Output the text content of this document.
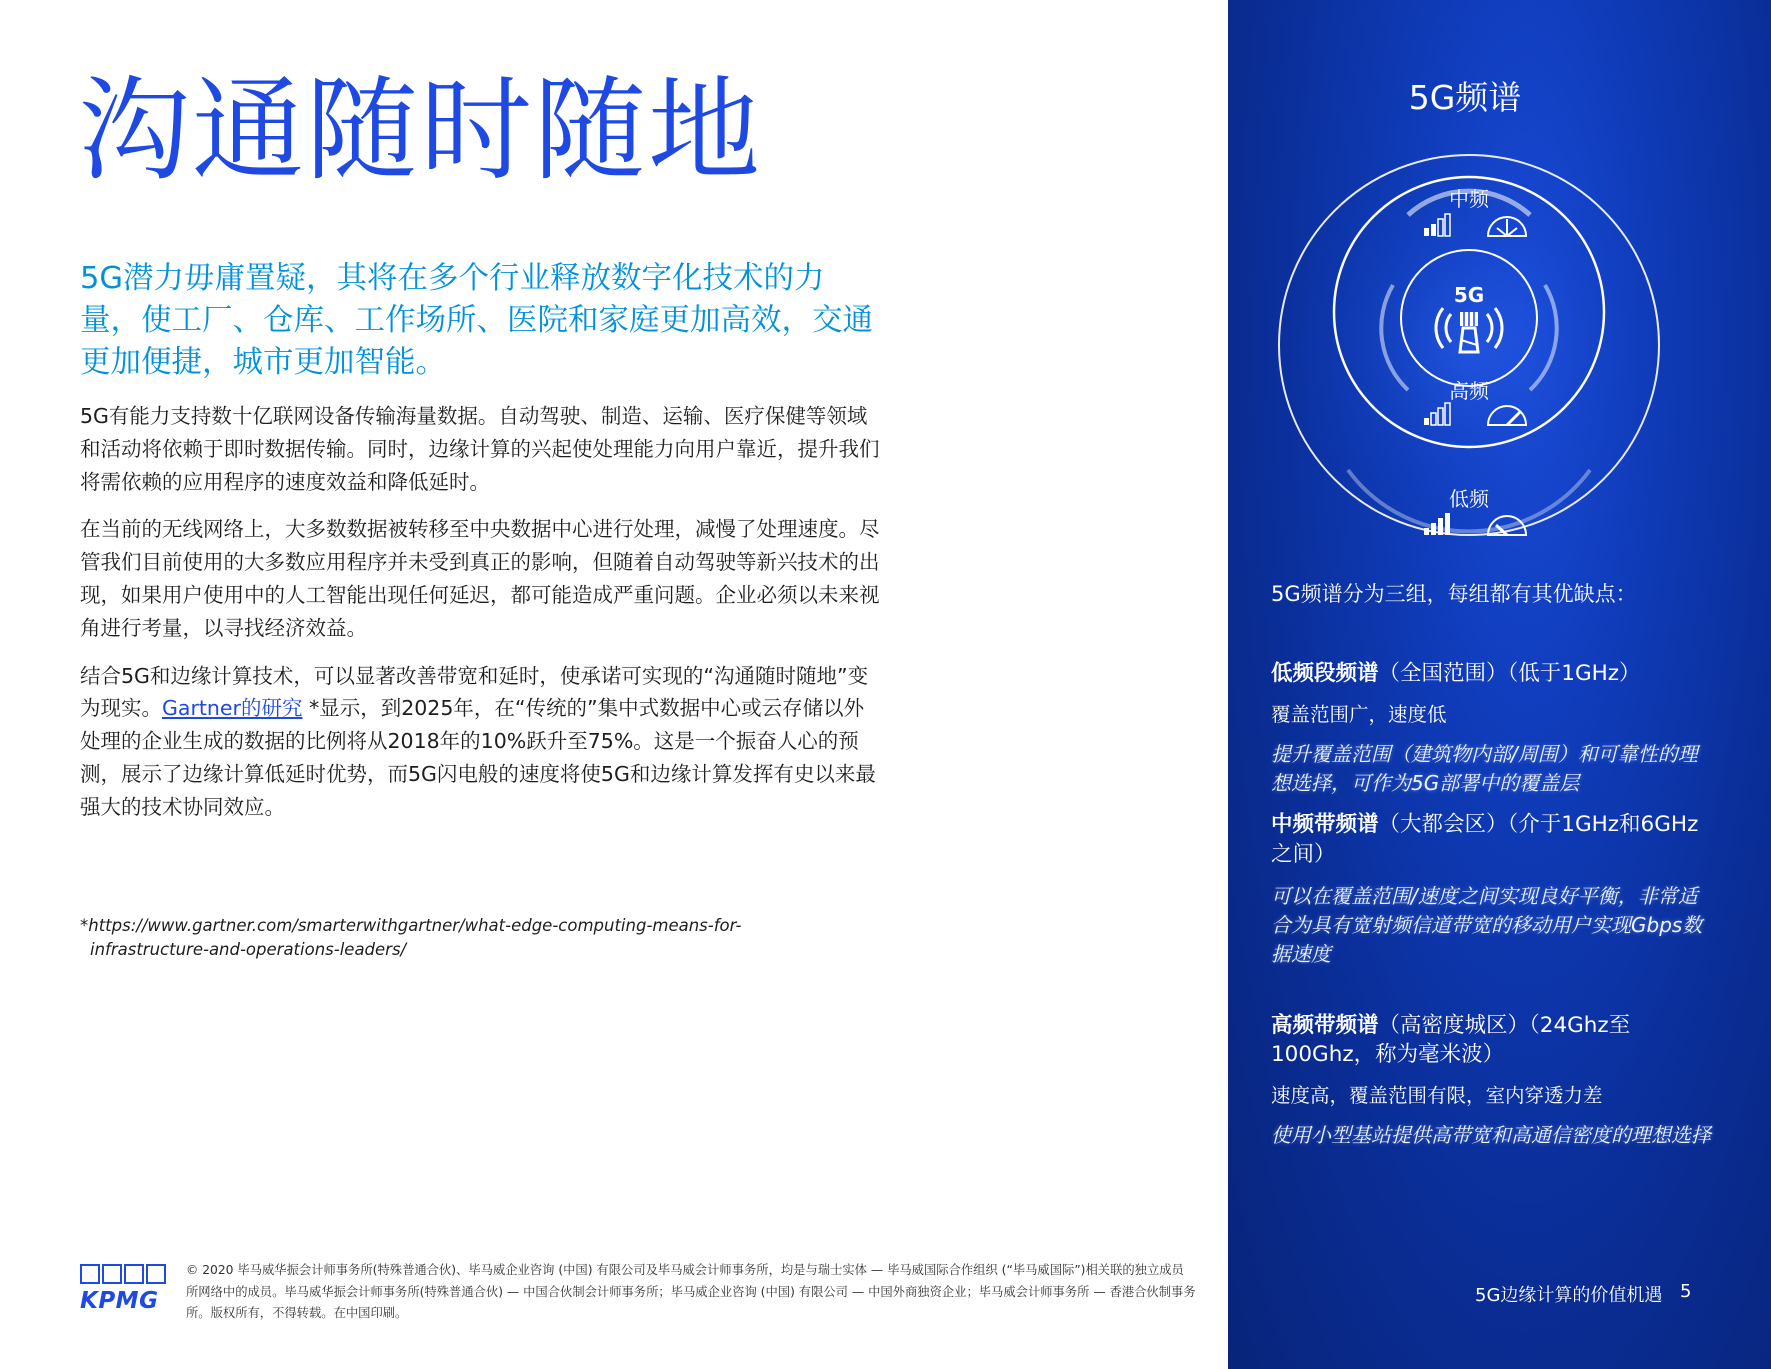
沟通随时随地

5G潜力毋庸置疑，其将在多个行业释放数字化技术的力量，使工厂、仓库、工作场所、医院和家庭更加高效，交通更加便捷，城市更加智能。

5G有能力支持数十亿联网设备传输海量数据。自动驾驶、制造、运输、医疗保健等领域和活动将依赖于即时数据传输。同时，边缘计算的兴起使处理能力向用户靠近，提升我们将需依赖的应用程序的速度效益和降低延时。

在当前的无线网络上，大多数数据被转移至中央数据中心进行处理，减慢了处理速度。尽管我们目前使用的大多数应用程序并未受到真正的影响，但随着自动驾驶等新兴技术的出现，如果用户使用中的人工智能出现任何延迟，都可能造成严重问题。企业必须以未来视角进行考量，以寻找经济效益。

结合5G和边缘计算技术，可以显著改善带宽和延时，使承诺可实现的“沟通随时随地”变为现实。Gartner的研究 *显示，到2025年，在“传统的”集中式数据中心或云存储以外处理的企业生成的数据的比例将从2018年的10%跃升至75%。这是一个振奋人心的预测，展示了边缘计算低延时优势，而5G闪电般的速度将使5G和边缘计算发挥有史以来最强大的技术协同效应。

*https://www.gartner.com/smarterwithgartner/what-edge-computing-means-for-
infrastructure-and-operations-leaders/
KPMG
© 2020 毕马威华振会计师事务所(特殊普通合伙)、毕马威企业咨询 (中国) 有限公司及毕马威会计师事务所，均是与瑞士实体 — 毕马威国际合作组织 (“毕马威国际”)相关联的独立成员所网络中的成员。毕马威华振会计师事务所(特殊普通合伙) — 中国合伙制会计师事务所；毕马威企业咨询 (中国) 有限公司 — 中国外商独资企业；毕马威会计师事务所 — 香港合伙制事务所。版权所有，不得转载。在中国印刷。
5G频谱
5G
中频
高频
低频

5G频谱分为三组，每组都有其优缺点：

低频段频谱（全国范围）（低于1GHz）

覆盖范围广，速度低

提升覆盖范围（建筑物内部/周围）和可靠性的理想选择，可作为5G部署中的覆盖层

中频带频谱（大都会区）（介于1GHz和6GHz之间）

可以在覆盖范围/速度之间实现良好平衡，非常适合为具有宽射频信道带宽的移动用户实现Gbps数据速度

高频带频谱（高密度城区）（24Ghz至100Ghz，称为毫米波）

速度高，覆盖范围有限，室内穿透力差

使用小型基站提供高带宽和高通信密度的理想选择

5G边缘计算的价值机遇 5
